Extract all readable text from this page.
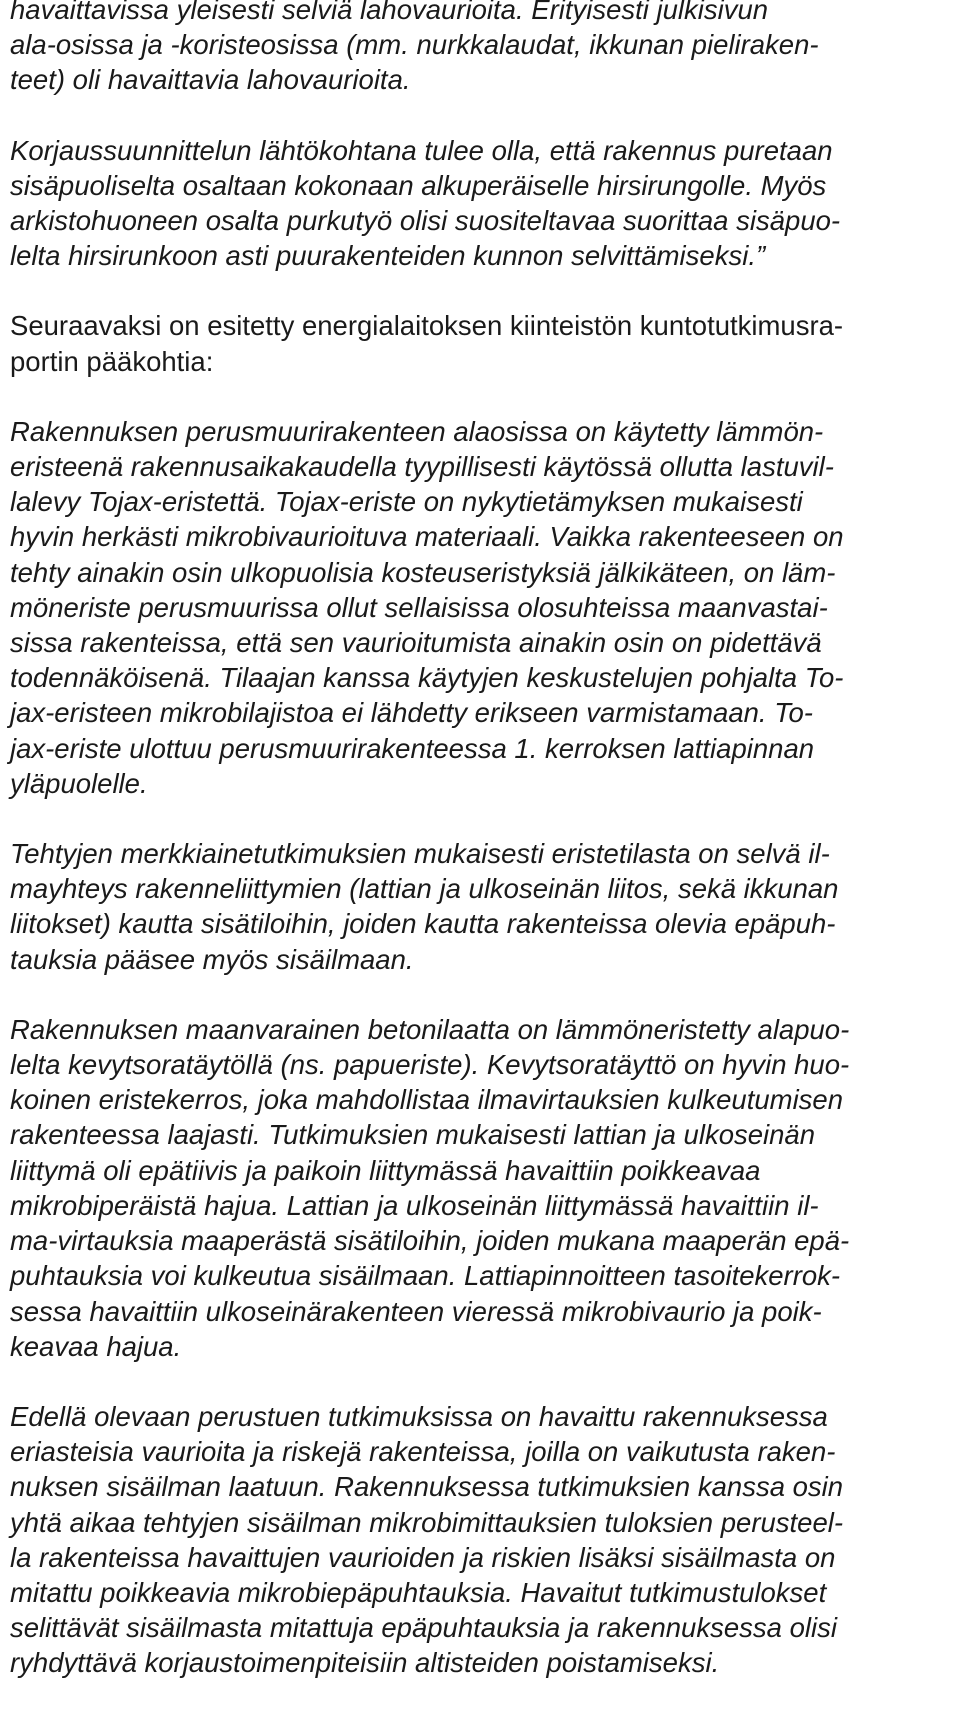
havaittavissa yleisesti selviä lahovaurioita. Erityisesti julkisivun
ala-osissa ja -koristeosissa (mm. nurkkalaudat, ikkunan pieliraken-
teet) oli havaittavia lahovaurioita.
Korjaussuunnittelun lähtökohtana tulee olla, että rakennus puretaan
sisäpuoliselta osaltaan kokonaan alkuperäiselle hirsirungolle. Myös
arkistohuoneen osalta purkutyö olisi suositeltavaa suorittaa sisäpuo-
lelta hirsirunkoon asti puurakenteiden kunnon selvittämiseksi.”
Seuraavaksi on esitetty energialaitoksen kiinteistön kuntotutkimusra-
portin pääkohtia:
Rakennuksen perusmuurirakenteen alaosissa on käytetty lämmön-
eristeenä rakennusaikakaudella tyypillisesti käytössä ollutta lastuvil-
lalevy Tojax-eristettä. Tojax-eriste on nykytietämyksen mukaisesti
hyvin herkästi mikrobivaurioituva materiaali. Vaikka rakenteeseen on
tehty ainakin osin ulkopuolisia kosteuseristyksiä jälkikäteen, on läm-
möneriste perusmuurissa ollut sellaisissa olosuhteissa maanvastai-
sissa rakenteissa, että sen vaurioitumista ainakin osin on pidettävä
todennäköisenä. Tilaajan kanssa käytyjen keskustelujen pohjalta To-
jax-eristeen mikrobilajistoa ei lähdetty erikseen varmistamaan. To-
jax-eriste ulottuu perusmuurirakenteessa 1. kerroksen lattiapinnan
yläpuolelle.
Tehtyjen merkkiainetutkimuksien mukaisesti eristetilasta on selvä il-
mayhteys rakenneliittymien (lattian ja ulkoseinän liitos, sekä ikkunan
liitokset) kautta sisätiloihin, joiden kautta rakenteissa olevia epäpuh-
tauksia pääsee myös sisäilmaan.
Rakennuksen maanvarainen betonilaatta on lämmöneristetty alapuo-
lelta kevytsoratäytöllä (ns. papueriste). Kevytsoratäyttö on hyvin huo-
koinen eristekerros, joka mahdollistaa ilmavirtauksien kulkeutumisen
rakenteessa laajasti. Tutkimuksien mukaisesti lattian ja ulkoseinän
liittymä oli epätiivis ja paikoin liittymässä havaittiin poikkeavaa
mikrobiperäistä hajua. Lattian ja ulkoseinän liittymässä havaittiin il-
ma-virtauksia maaperästä sisätiloihin, joiden mukana maaperän epä-
puhtauksia voi kulkeutua sisäilmaan. Lattiapinnoitteen tasoitekerrok-
sessa havaittiin ulkoseinärakenteen vieressä mikrobivaurio ja poik-
keavaa hajua.
Edellä olevaan perustuen tutkimuksissa on havaittu rakennuksessa
eriasteisia vaurioita ja riskejä rakenteissa, joilla on vaikutusta raken-
nuksen sisäilman laatuun. Rakennuksessa tutkimuksien kanssa osin
yhtä aikaa tehtyjen sisäilman mikrobimittauksien tuloksien perusteel-
la rakenteissa havaittujen vaurioiden ja riskien lisäksi sisäilmasta on
mitattu poikkeavia mikrobiepäpuhtauksia. Havaitut tutkimustulokset
selittävät sisäilmasta mitattuja epäpuhtauksia ja rakennuksessa olisi
ryhdyttävä korjaustoimenpiteisiin altisteiden poistamiseksi.
